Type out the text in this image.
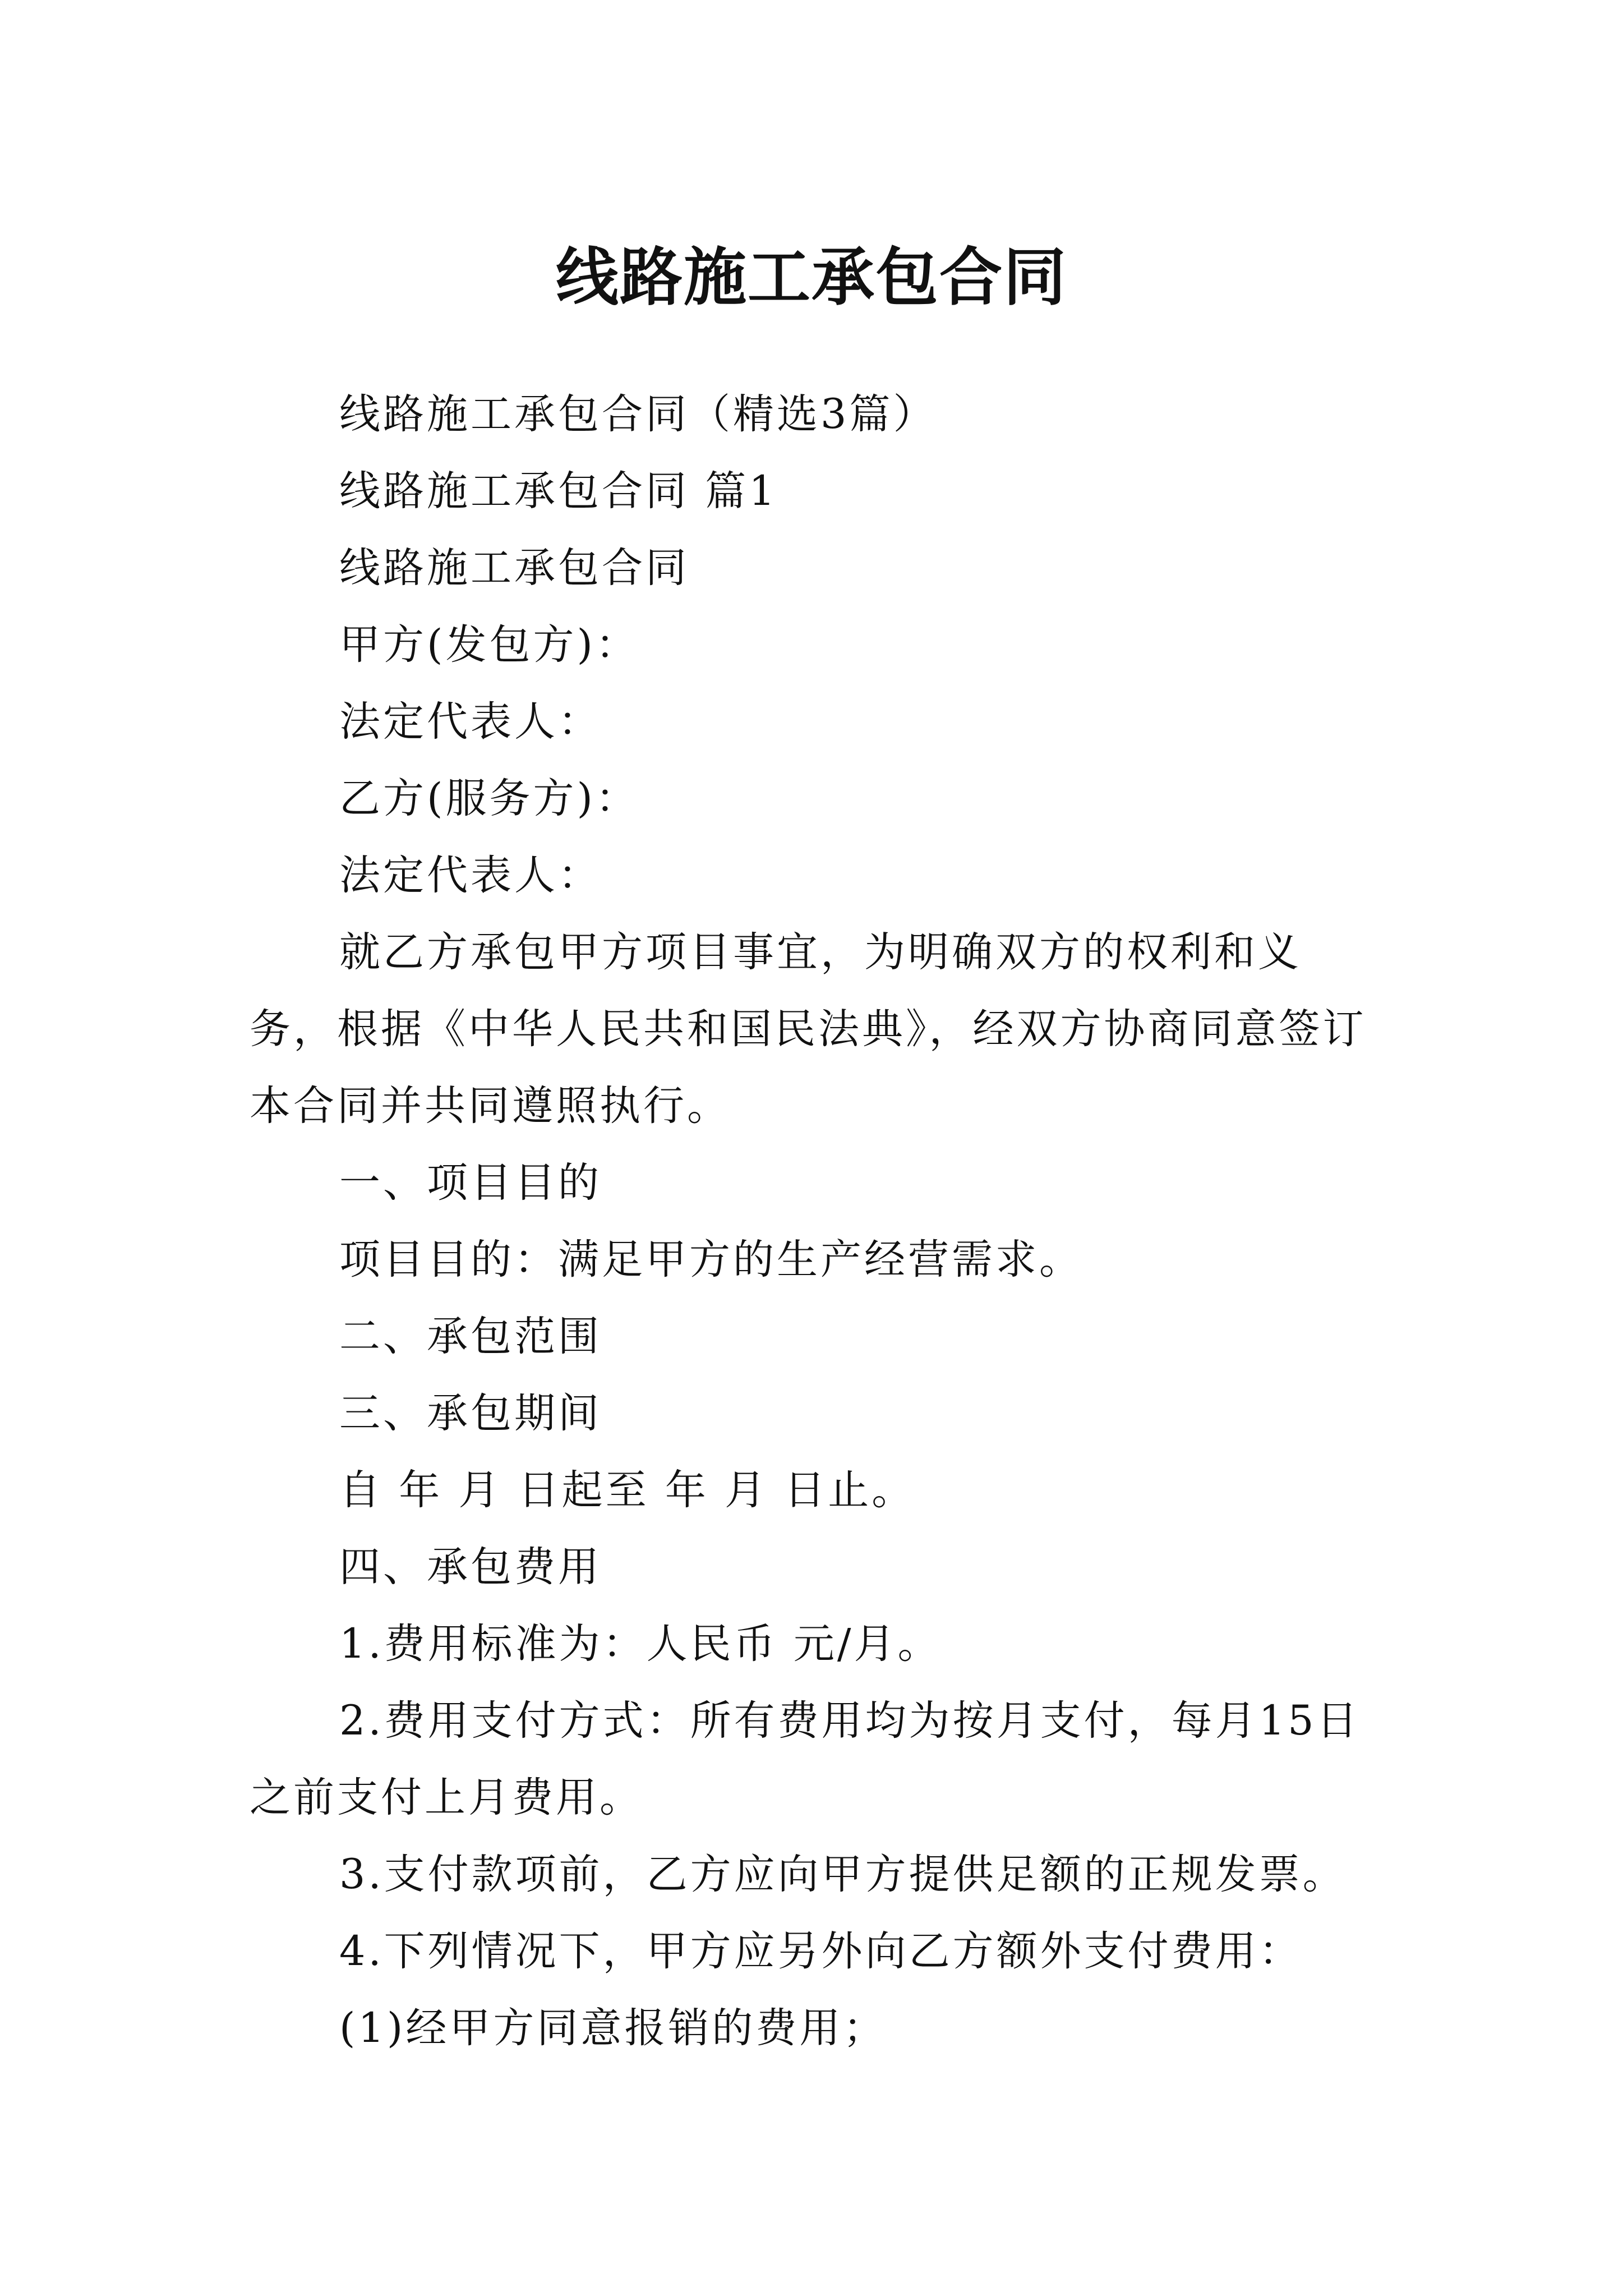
线路施工承包合同

线路施工承包合同（精选3篇）

线路施工承包合同 篇1

线路施工承包合同

甲方(发包方)：

法定代表人：

乙方(服务方)：

法定代表人：

就乙方承包甲方项目事宜，为明确双方的权利和义务，根据《中华人民共和国民法典》，经双方协商同意签订本合同并共同遵照执行。

一、项目目的

项目目的：满足甲方的生产经营需求。

二、承包范围

三、承包期间

自 年 月 日起至 年 月 日止。

四、承包费用

1.费用标准为：人民币 元/月。

2.费用支付方式：所有费用均为按月支付，每月15日之前支付上月费用。

3.支付款项前，乙方应向甲方提供足额的正规发票。

4.下列情况下，甲方应另外向乙方额外支付费用：

(1)经甲方同意报销的费用；
